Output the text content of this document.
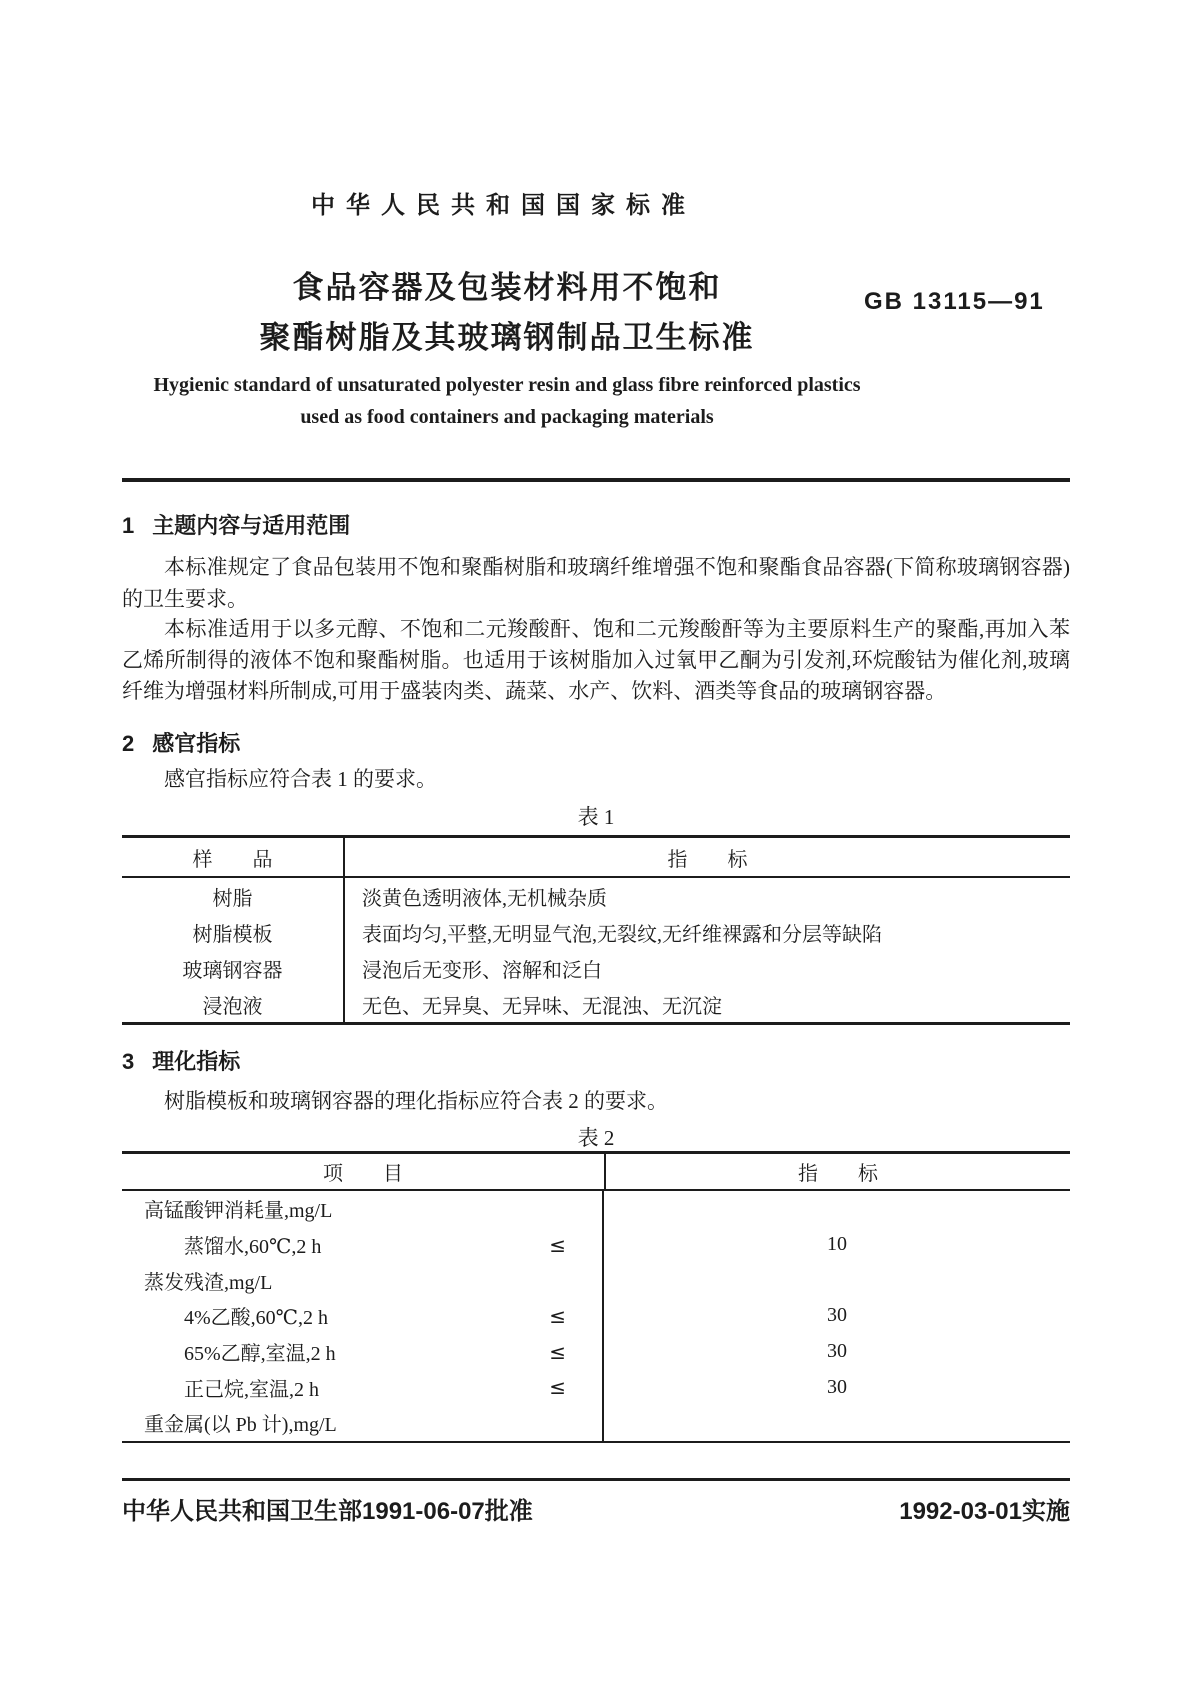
中华人民共和国国家标准
食品容器及包装材料用不饱和
聚酯树脂及其玻璃钢制品卫生标准
GB 13115—91
Hygienic standard of unsaturated polyester resin and glass fibre reinforced plastics
used as food containers and packaging materials
1 主题内容与适用范围
本标准规定了食品包装用不饱和聚酯树脂和玻璃纤维增强不饱和聚酯食品容器(下简称玻璃钢容器)的卫生要求。
本标准适用于以多元醇、不饱和二元羧酸酐、饱和二元羧酸酐等为主要原料生产的聚酯,再加入苯乙烯所制得的液体不饱和聚酯树脂。也适用于该树脂加入过氧甲乙酮为引发剂,环烷酸钴为催化剂,玻璃纤维为增强材料所制成,可用于盛装肉类、蔬菜、水产、饮料、酒类等食品的玻璃钢容器。
2 感官指标
感官指标应符合表 1 的要求。
表 1
样　　品	指　　标
树脂	淡黄色透明液体,无机械杂质
树脂模板	表面均匀,平整,无明显气泡,无裂纹,无纤维裸露和分层等缺陷
玻璃钢容器	浸泡后无变形、溶解和泛白
浸泡液	无色、无异臭、无异味、无混浊、无沉淀
3 理化指标
树脂模板和玻璃钢容器的理化指标应符合表 2 的要求。
表 2
项　　目	指　　标
高锰酸钾消耗量,mg/L
蒸馏水,60℃,2 h	≤	10
蒸发残渣,mg/L
4%乙酸,60℃,2 h	≤	30
65%乙醇,室温,2 h	≤	30
正己烷,室温,2 h	≤	30
重金属(以 Pb 计),mg/L
中华人民共和国卫生部1991-06-07批准	1992-03-01实施
